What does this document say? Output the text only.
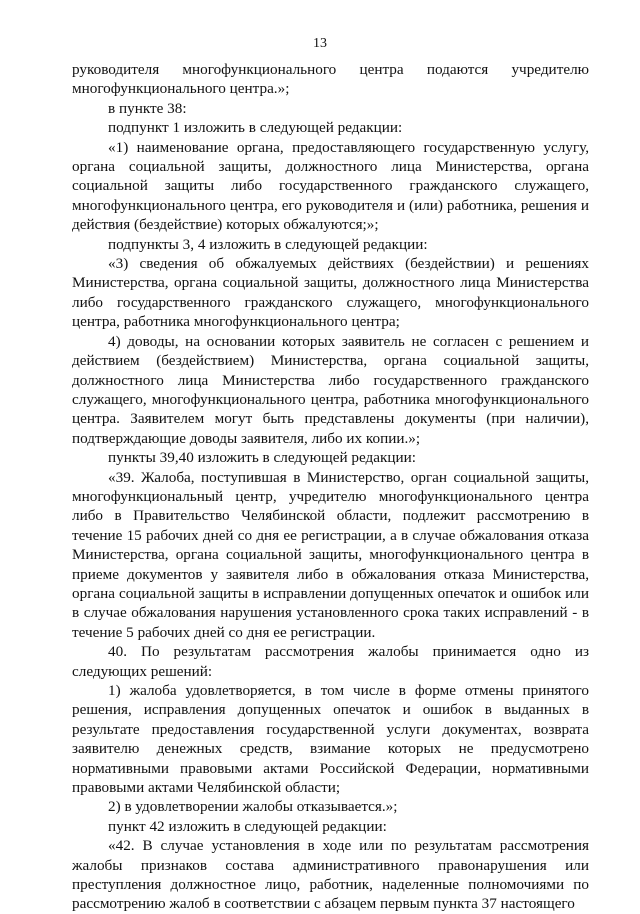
13

руководителя многофункционального центра подаются учредителю многофункционального центра.»;

в пункте 38:

подпункт 1 изложить в следующей редакции:

«1) наименование органа, предоставляющего государственную услугу, органа социальной защиты, должностного лица Министерства, органа социальной защиты либо государственного гражданского служащего, многофункционального центра, его руководителя и (или) работника, решения и действия (бездействие) которых обжалуются;»;

подпункты 3, 4 изложить в следующей редакции:

«3) сведения об обжалуемых действиях (бездействии) и решениях Министерства, органа социальной защиты, должностного лица Министерства либо государственного гражданского служащего, многофункционального центра, работника многофункционального центра;

4) доводы, на основании которых заявитель не согласен с решением и действием (бездействием) Министерства, органа социальной защиты, должностного лица Министерства либо государственного гражданского служащего, многофункционального центра, работника многофункционального центра. Заявителем могут быть представлены документы (при наличии), подтверждающие доводы заявителя, либо их копии.»;

пункты 39,40 изложить в следующей редакции:

«39. Жалоба, поступившая в Министерство, орган социальной защиты, многофункциональный центр, учредителю многофункционального центра либо в Правительство Челябинской области, подлежит рассмотрению в течение 15 рабочих дней со дня ее регистрации, а в случае обжалования отказа Министерства, органа социальной защиты, многофункционального центра в приеме документов у заявителя либо в обжалования отказа Министерства, органа социальной защиты в исправлении допущенных опечаток и ошибок или в случае обжалования нарушения установленного срока таких исправлений - в течение 5 рабочих дней со дня ее регистрации.

40. По результатам рассмотрения жалобы принимается одно из следующих решений:

1) жалоба удовлетворяется, в том числе в форме отмены принятого решения, исправления допущенных опечаток и ошибок в выданных в результате предоставления государственной услуги документах, возврата заявителю денежных средств, взимание которых не предусмотрено нормативными правовыми актами Российской Федерации, нормативными правовыми актами Челябинской области;

2) в удовлетворении жалобы отказывается.»;

пункт 42 изложить в следующей редакции:

«42. В случае установления в ходе или по результатам рассмотрения жалобы признаков состава административного правонарушения или преступления должностное лицо, работник, наделенные полномочиями по рассмотрению жалоб в соответствии с абзацем первым пункта 37 настоящего
